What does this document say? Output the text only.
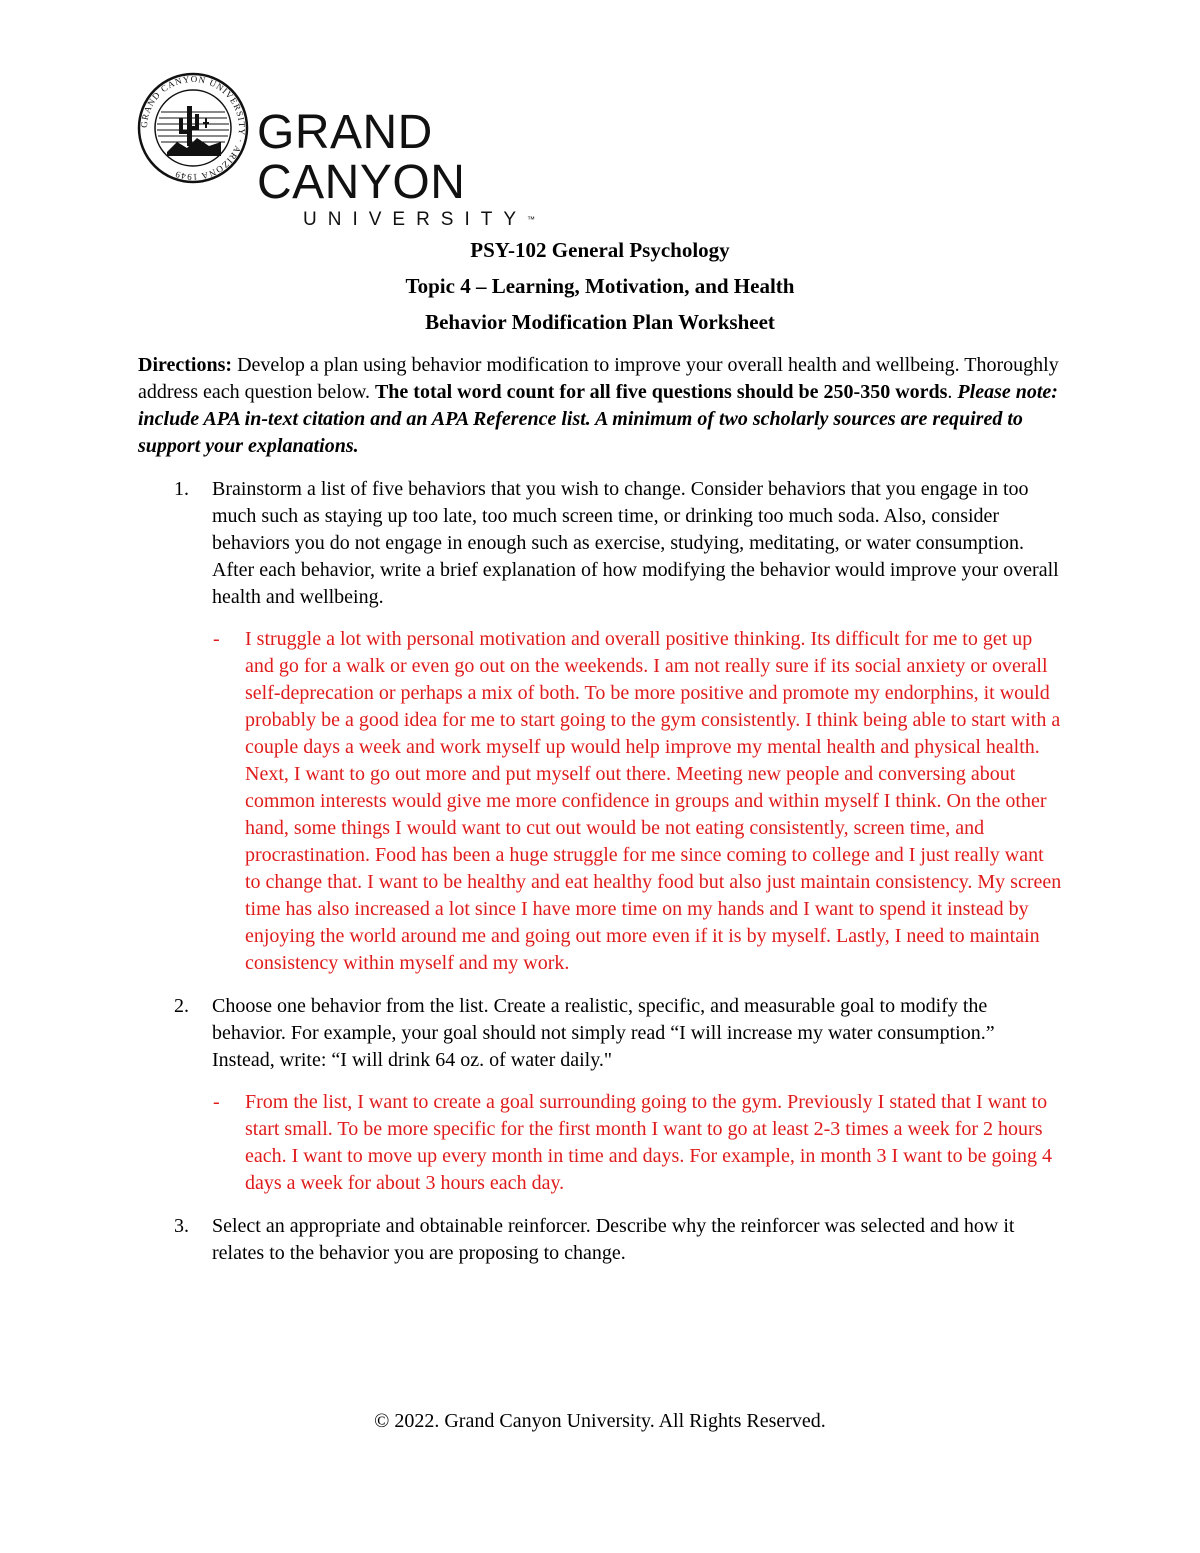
GRAND CANYON UNIVERSITY · ARIZONA 1949
GRAND CANYON
UNIVERSITY™
PSY-102 General Psychology
Topic 4 – Learning, Motivation, and Health
Behavior Modification Plan Worksheet
Directions: Develop a plan using behavior modification to improve your overall health and wellbeing. Thoroughly address each question below. The total word count for all five questions should be 250-350 words. Please note: include APA in-text citation and an APA Reference list. A minimum of two scholarly sources are required to support your explanations.

1. Brainstorm a list of five behaviors that you wish to change. Consider behaviors that you engage in too much such as staying up too late, too much screen time, or drinking too much soda. Also, consider behaviors you do not engage in enough such as exercise, studying, meditating, or water consumption. After each behavior, write a brief explanation of how modifying the behavior would improve your overall health and wellbeing.

- I struggle a lot with personal motivation and overall positive thinking. Its difficult for me to get up and go for a walk or even go out on the weekends. I am not really sure if its social anxiety or overall self-deprecation or perhaps a mix of both. To be more positive and promote my endorphins, it would probably be a good idea for me to start going to the gym consistently. I think being able to start with a couple days a week and work myself up would help improve my mental health and physical health. Next, I want to go out more and put myself out there. Meeting new people and conversing about common interests would give me more confidence in groups and within myself I think. On the other hand, some things I would want to cut out would be not eating consistently, screen time, and procrastination. Food has been a huge struggle for me since coming to college and I just really want to change that. I want to be healthy and eat healthy food but also just maintain consistency. My screen time has also increased a lot since I have more time on my hands and I want to spend it instead by enjoying the world around me and going out more even if it is by myself. Lastly, I need to maintain consistency within myself and my work.

2. Choose one behavior from the list. Create a realistic, specific, and measurable goal to modify the behavior. For example, your goal should not simply read “I will increase my water consumption.” Instead, write: “I will drink 64 oz. of water daily."

- From the list, I want to create a goal surrounding going to the gym. Previously I stated that I want to start small. To be more specific for the first month I want to go at least 2-3 times a week for 2 hours each. I want to move up every month in time and days. For example, in month 3 I want to be going 4 days a week for about 3 hours each day.

3. Select an appropriate and obtainable reinforcer. Describe why the reinforcer was selected and how it relates to the behavior you are proposing to change.

© 2022. Grand Canyon University. All Rights Reserved.
